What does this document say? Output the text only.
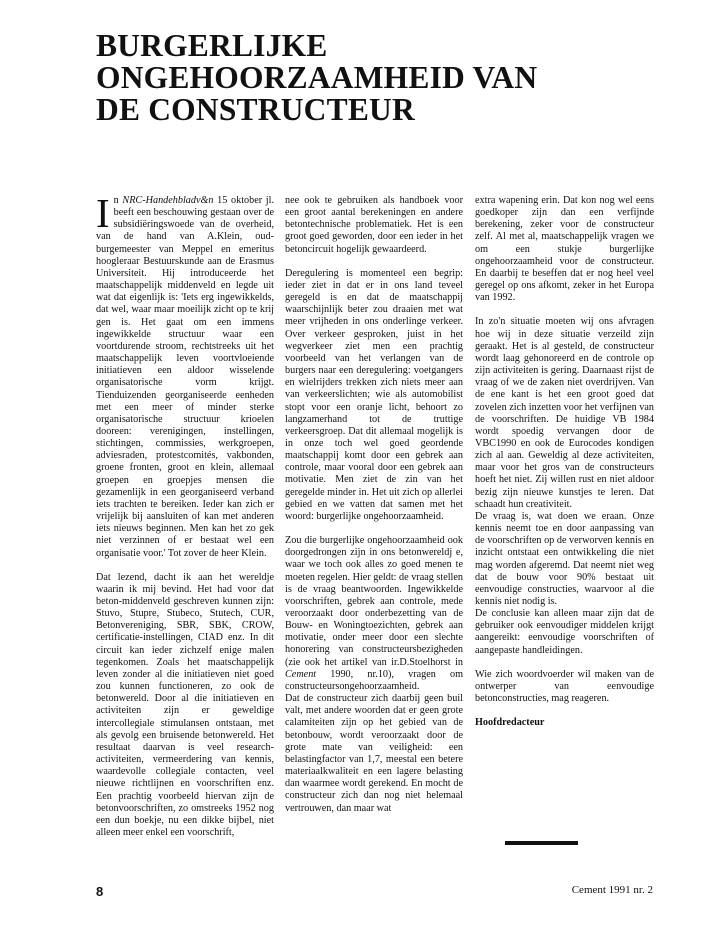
BURGERLIJKE
ONGEHOORZAAMHEID VAN
DE CONSTRUCTEUR

In NRC-Handehbladv&n 15 oktober jl. beeft een beschouwing gestaan over de subsidiëringswoede van de overheid, van de hand van A.Klein, oud-burgemeester van Meppel en emeritus hoogleraar Bestuurskunde aan de Erasmus Universiteit. Hij introduceerde het maatschappelijk middenveld en legde uit wat dat eigenlijk is: 'Iets erg ingewikkelds, dat wel, waar maar moeilijk zicht op te krij gen is. Het gaat om een immens ingewikkelde structuur waar een voortdurende stroom, rechtstreeks uit het maatschappelijk leven voortvloeiende initiatieven een aldoor wisselende organisatorische vorm krijgt. Tienduizenden georganiseerde eenheden met een meer of minder sterke organisatorische structuur krioelen dooreen: verenigingen, instellingen, stichtingen, commissies, werkgroepen, adviesraden, protestcomités, vakbonden, groene fronten, groot en klein, allemaal groepen en groepjes mensen die gezamenlijk in een georganiseerd verband iets trachten te bereiken. Ieder kan zich er vrijelijk bij aansluiten of kan met anderen iets nieuws beginnen. Men kan het zo gek niet verzinnen of er bestaat wel een organisatie voor.' Tot zover de heer Klein.

Dat lezend, dacht ik aan het wereldje waarin ik mij bevind. Het had voor dat beton-middenveld geschreven kunnen zijn: Stuvo, Stupre, Stubeco, Stutech, CUR, Betonvereniging, SBR, SBK, CROW, certificatie-instellingen, CIAD enz. In dit circuit kan ieder zichzelf enige malen tegenkomen. Zoals het maatschappelijk leven zonder al die initiatieven niet goed zou kunnen functioneren, zo ook de betonwereld. Door al die initiatieven en activiteiten zijn er geweldige intercollegiale stimulansen ontstaan, met als gevolg een bruisende betonwereld. Het resultaat daarvan is veel research-activiteiten, vermeerdering van kennis, waardevolle collegiale contacten, veel nieuwe richtlijnen en voorschriften enz. Een prachtig voorbeeld hiervan zijn de betonvoorschriften, zo omstreeks 1952 nog een dun boekje, nu een dikke bijbel, niet alleen meer enkel een voorschrift,

nee ook te gebruiken als handboek voor een groot aantal berekeningen en andere betontechnische problematiek. Het is een groot goed geworden, door een ieder in het betoncircuit hogelijk gewaardeerd.

Deregulering is momenteel een begrip: ieder ziet in dat er in ons land teveel geregeld is en dat de maatschappij waarschijnlijk beter zou draaien met wat meer vrijheden in ons onderlinge verkeer. Over verkeer gesproken, juist in het wegverkeer ziet men een prachtig voorbeeld van het verlangen van de burgers naar een deregulering: voetgangers en wielrijders trekken zich niets meer aan van verkeerslichten; wie als automobilist stopt voor een oranje licht, behoort zo langzamerhand tot de truttige verkeersgroep. Dat dit allemaal mogelijk is in onze toch wel goed geordende maatschappij komt door een gebrek aan controle, maar vooral door een gebrek aan motivatie. Men ziet de zin van het geregelde minder in. Het uit zich op allerlei gebied en we vatten dat samen met het woord: burgerlijke ongehoorzaamheid.

Zou die burgerlijke ongehoorzaamheid ook doorgedrongen zijn in ons betonwereldj e, waar we toch ook alles zo goed menen te moeten regelen. Hier geldt: de vraag stellen is de vraag beantwoorden. Ingewikkelde voorschriften, gebrek aan controle, mede veroorzaakt door onderbezetting van de Bouw- en Woningtoezichten, gebrek aan motivatie, onder meer door een slechte honorering van constructeursbezigheden (zie ook het artikel van ir.D.Stoelhorst in Cement 1990, nr.10), vragen om constructeursongehoorzaamheid.

Dat de constructeur zich daarbij geen buil valt, met andere woorden dat er geen grote calamiteiten zijn op het gebied van de betonbouw, wordt veroorzaakt door de grote mate van veiligheid: een belastingfactor van 1,7, meestal een betere materiaalkwaliteit en een lagere belasting dan waarmee wordt gerekend. En mocht de constructeur zich dan nog niet helemaal vertrouwen, dan maar wat

extra wapening erin. Dat kon nog wel eens goedkoper zijn dan een verfijnde berekening, zeker voor de constructeur zelf. Al met al, maatschappelijk vragen we om een stukje burgerlijke ongehoorzaamheid voor de constructeur. En daarbij te beseffen dat er nog heel veel geregel op ons afkomt, zeker in het Europa van 1992.

In zo'n situatie moeten wij ons afvragen hoe wij in deze situatie verzeild zijn geraakt. Het is al gesteld, de constructeur wordt laag gehonoreerd en de controle op zijn activiteiten is gering. Daarnaast rijst de vraag of we de zaken niet overdrijven. Van de ene kant is het een groot goed dat zovelen zich inzetten voor het verfijnen van de voorschriften. De huidige VB 1984 wordt spoedig vervangen door de VBC1990 en ook de Eurocodes kondigen zich al aan. Geweldig al deze activiteiten, maar voor het gros van de constructeurs hoeft het niet. Zij willen rust en niet aldoor bezig zijn nieuwe kunstjes te leren. Dat schaadt hun creativiteit.

De vraag is, wat doen we eraan. Onze kennis neemt toe en door aanpassing van de voorschriften op de verworven kennis en inzicht ontstaat een ontwikkeling die niet mag worden afgeremd. Dat neemt niet weg dat de bouw voor 90% bestaat uit eenvoudige constructies, waarvoor al die kennis niet nodig is.

De conclusie kan alleen maar zijn dat de gebruiker ook eenvoudiger middelen krijgt aangereikt: eenvoudige voorschriften of aangepaste handleidingen.

Wie zich woordvoerder wil maken van de ontwerper van eenvoudige betonconstructies, mag reageren.

Hoofdredacteur

8	Cement 1991 nr. 2
